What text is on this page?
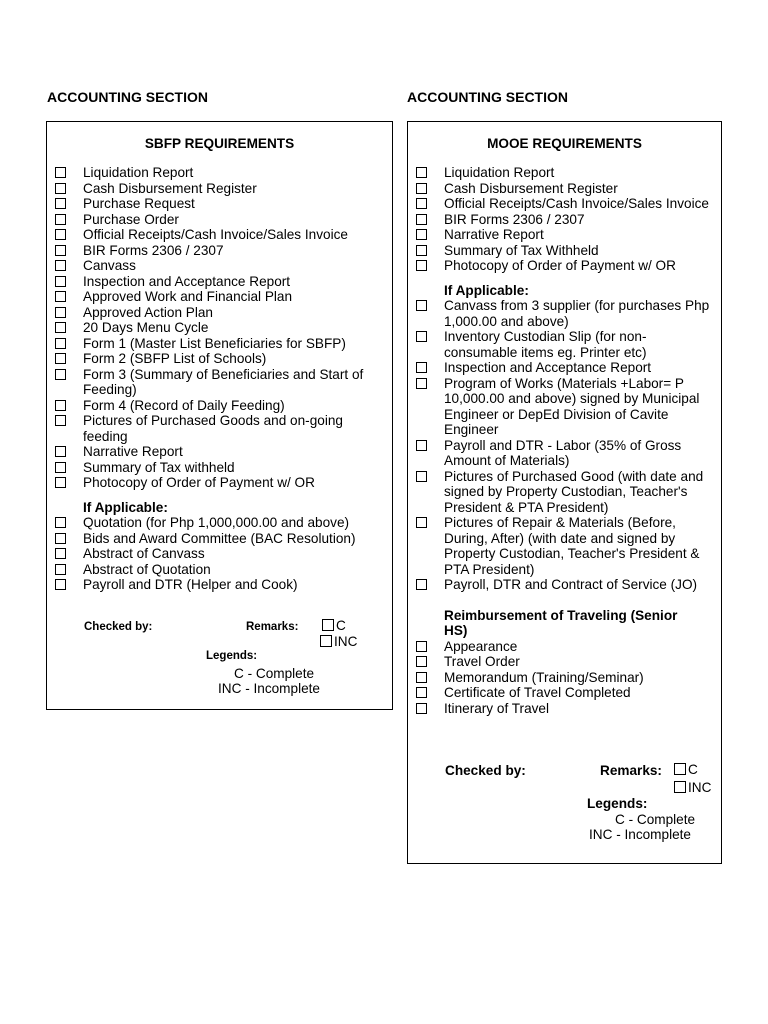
ACCOUNTING SECTION
SBFP REQUIREMENTS
Liquidation Report
Cash Disbursement Register
Purchase Request
Purchase Order
Official Receipts/Cash Invoice/Sales Invoice
BIR Forms 2306 / 2307
Canvass
Inspection and Acceptance Report
Approved Work and Financial Plan
Approved Action Plan
20 Days Menu Cycle
Form 1 (Master List Beneficiaries for SBFP)
Form 2 (SBFP List of Schools)
Form 3 (Summary of Beneficiaries and Start of Feeding)
Form 4 (Record of Daily Feeding)
Pictures of Purchased Goods and on-going feeding
Narrative Report
Summary of Tax withheld
Photocopy of Order of Payment w/ OR
If Applicable:
Quotation (for Php 1,000,000.00 and above)
Bids and Award Committee (BAC Resolution)
Abstract of Canvass
Abstract of Quotation
Payroll and DTR (Helper and Cook)
Checked by:	Remarks:	C
INC
Legends:
C - Complete
INC - Incomplete
ACCOUNTING SECTION
MOOE REQUIREMENTS
Liquidation Report
Cash Disbursement Register
Official Receipts/Cash Invoice/Sales Invoice
BIR Forms 2306 / 2307
Narrative Report
Summary of Tax Withheld
Photocopy of Order of Payment w/ OR
If Applicable:
Canvass from 3 supplier (for purchases Php 1,000.00 and above)
Inventory Custodian Slip (for non-consumable items eg. Printer etc)
Inspection and Acceptance Report
Program of Works (Materials +Labor= P 10,000.00 and above) signed by Municipal Engineer or DepEd Division of Cavite Engineer
Payroll and DTR - Labor (35% of Gross Amount of Materials)
Pictures of Purchased Good (with date and signed by Property Custodian, Teacher's President & PTA President)
Pictures of Repair & Materials (Before, During, After) (with date and signed by Property Custodian, Teacher's President & PTA President)
Payroll, DTR and Contract of Service (JO)
Reimbursement of Traveling (Senior HS)
Appearance
Travel Order
Memorandum (Training/Seminar)
Certificate of Travel Completed
Itinerary of Travel
Checked by:	Remarks:	C
INC
Legends:
C - Complete
INC - Incomplete
